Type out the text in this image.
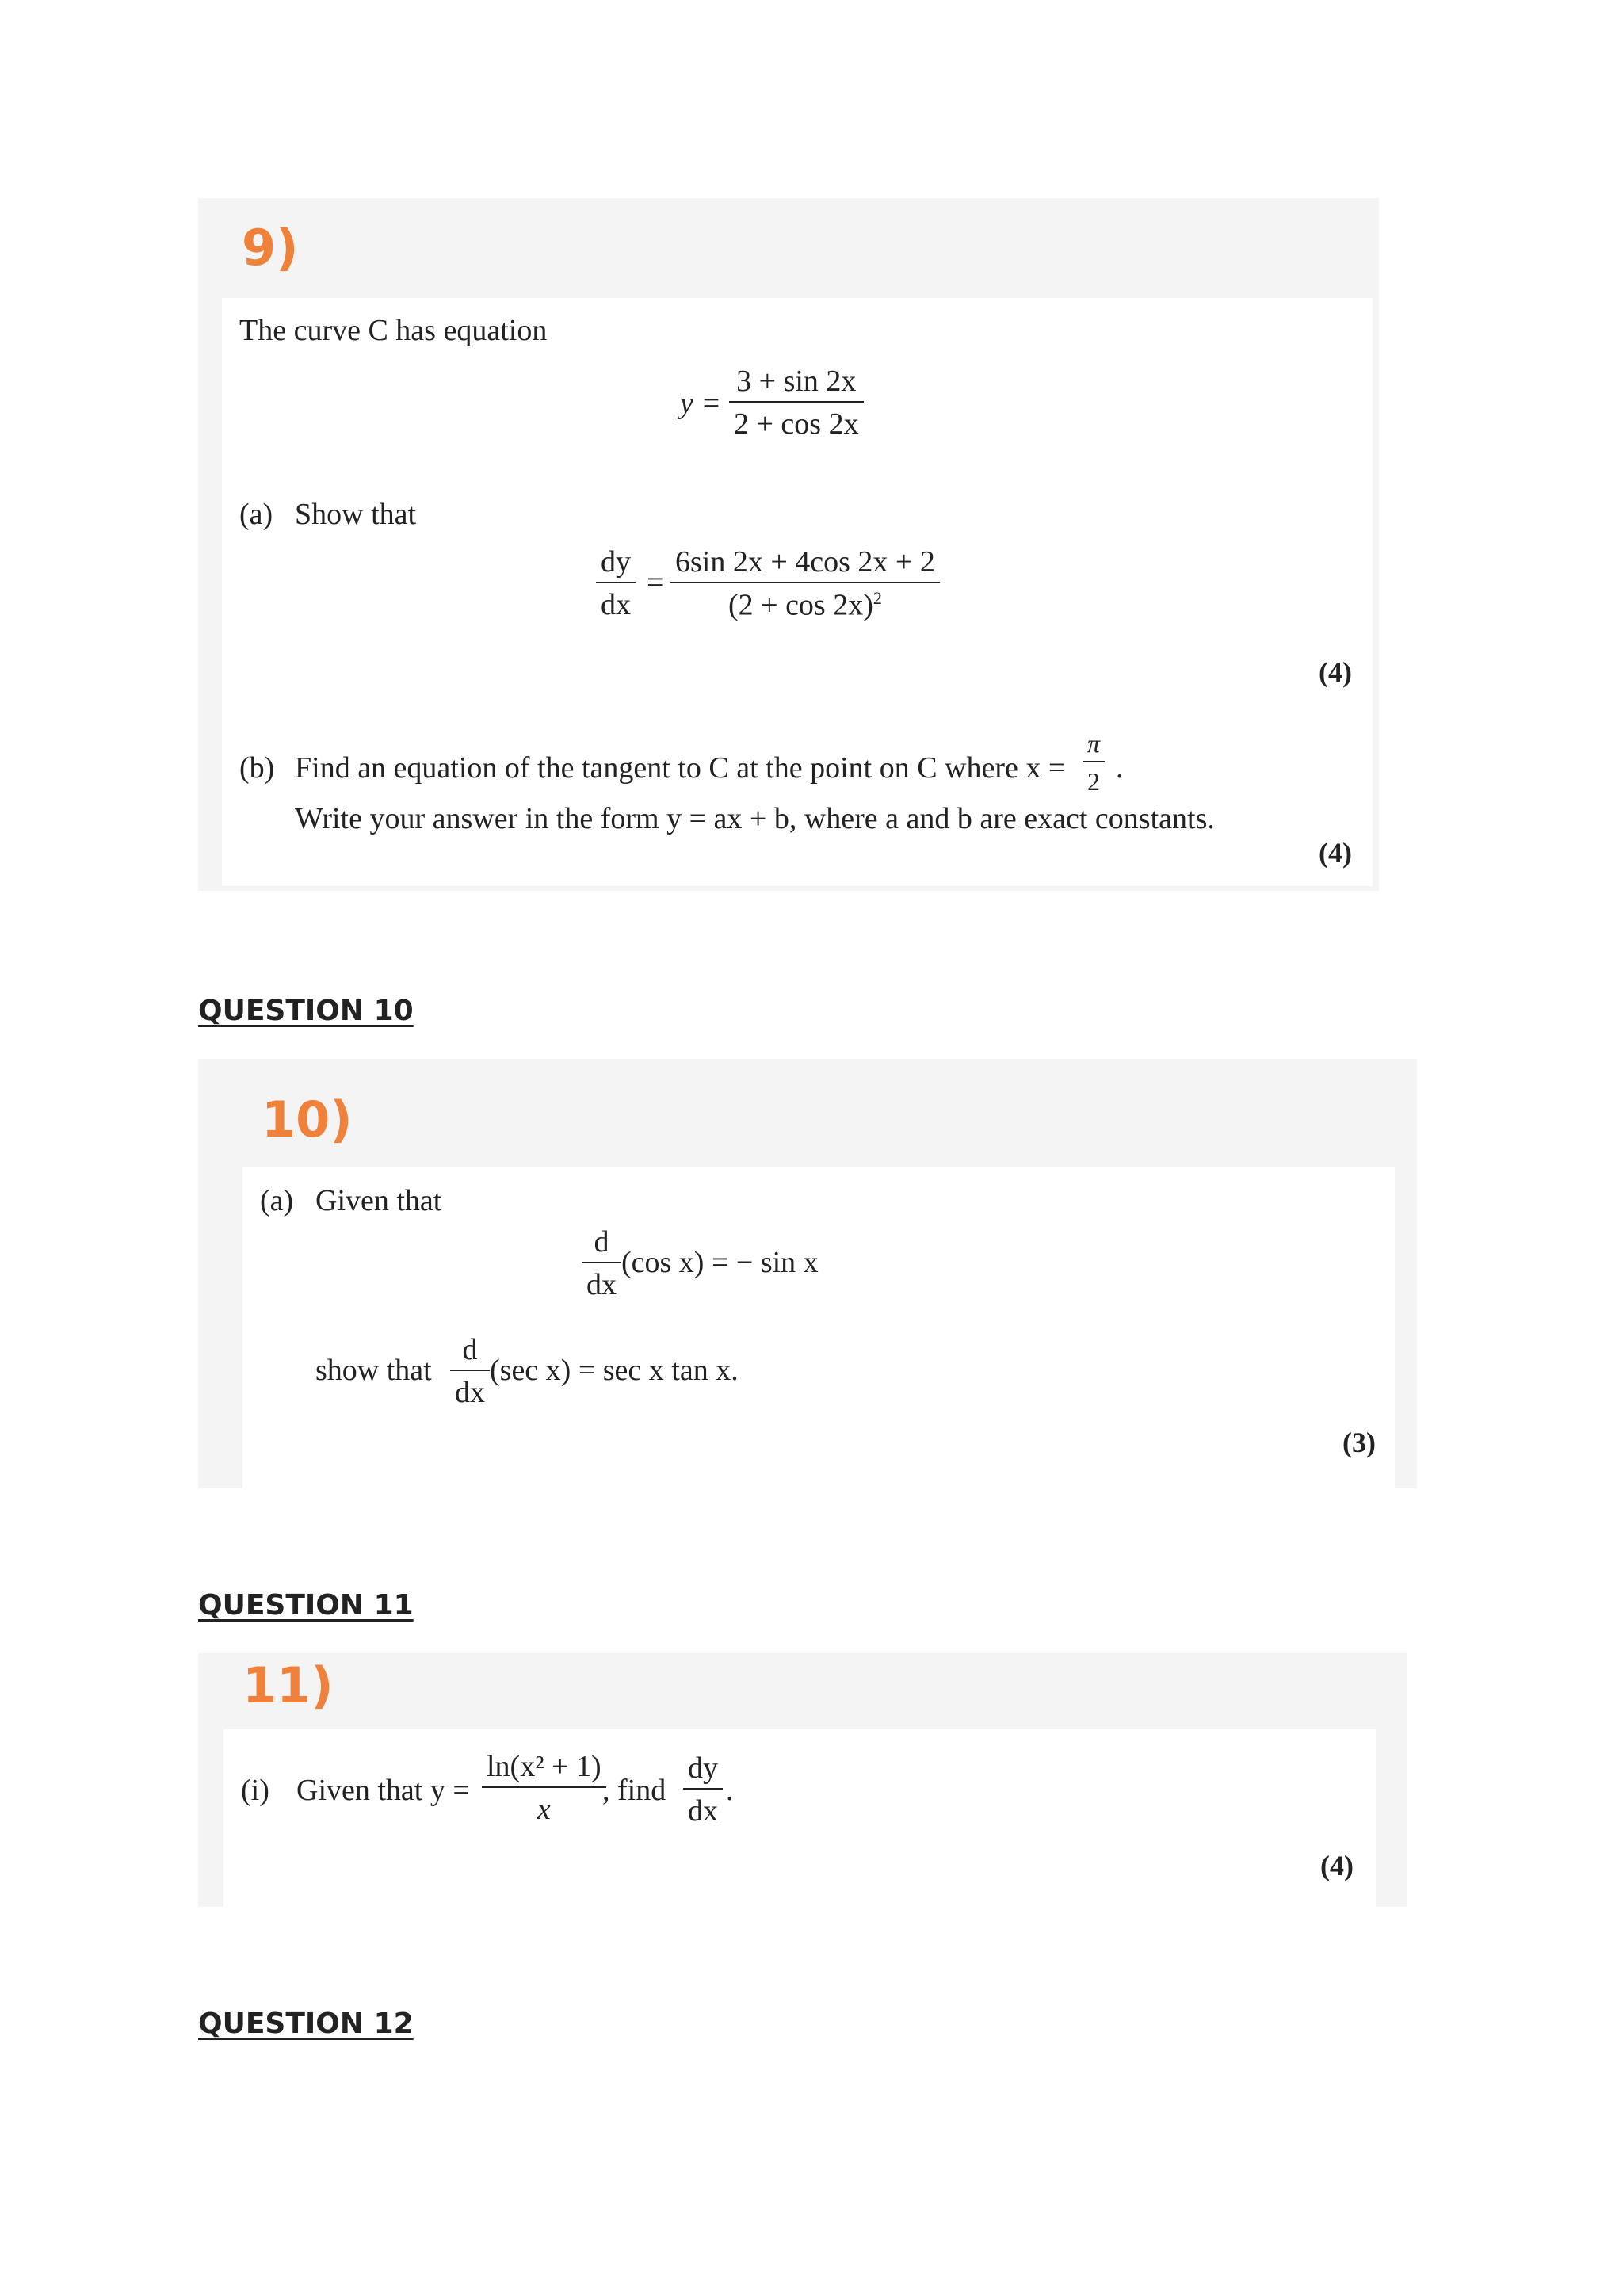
9)
The curve C has equation
y =
3 + sin 2x
2 + cos 2x
(a) Show that
dy
dx
=
6sin 2x + 4cos 2x + 2
$(2 + \cos 2x)^2$
(4)
(b) Find an equation of the tangent to C at the point on C where x =
π
2 .
Write your answer in the form y = ax + b, where a and b are exact constants.
(4)
QUESTION 10
10)
(a) Given that
d
dx
(cos x) = − sin x
show that
d
dx
(sec x) = sec x tan x.
(3)
QUESTION 11
11)
(i) Given that y =
ln(x² + 1)
x
, find
dy
dx
.
(4)
QUESTION 12
